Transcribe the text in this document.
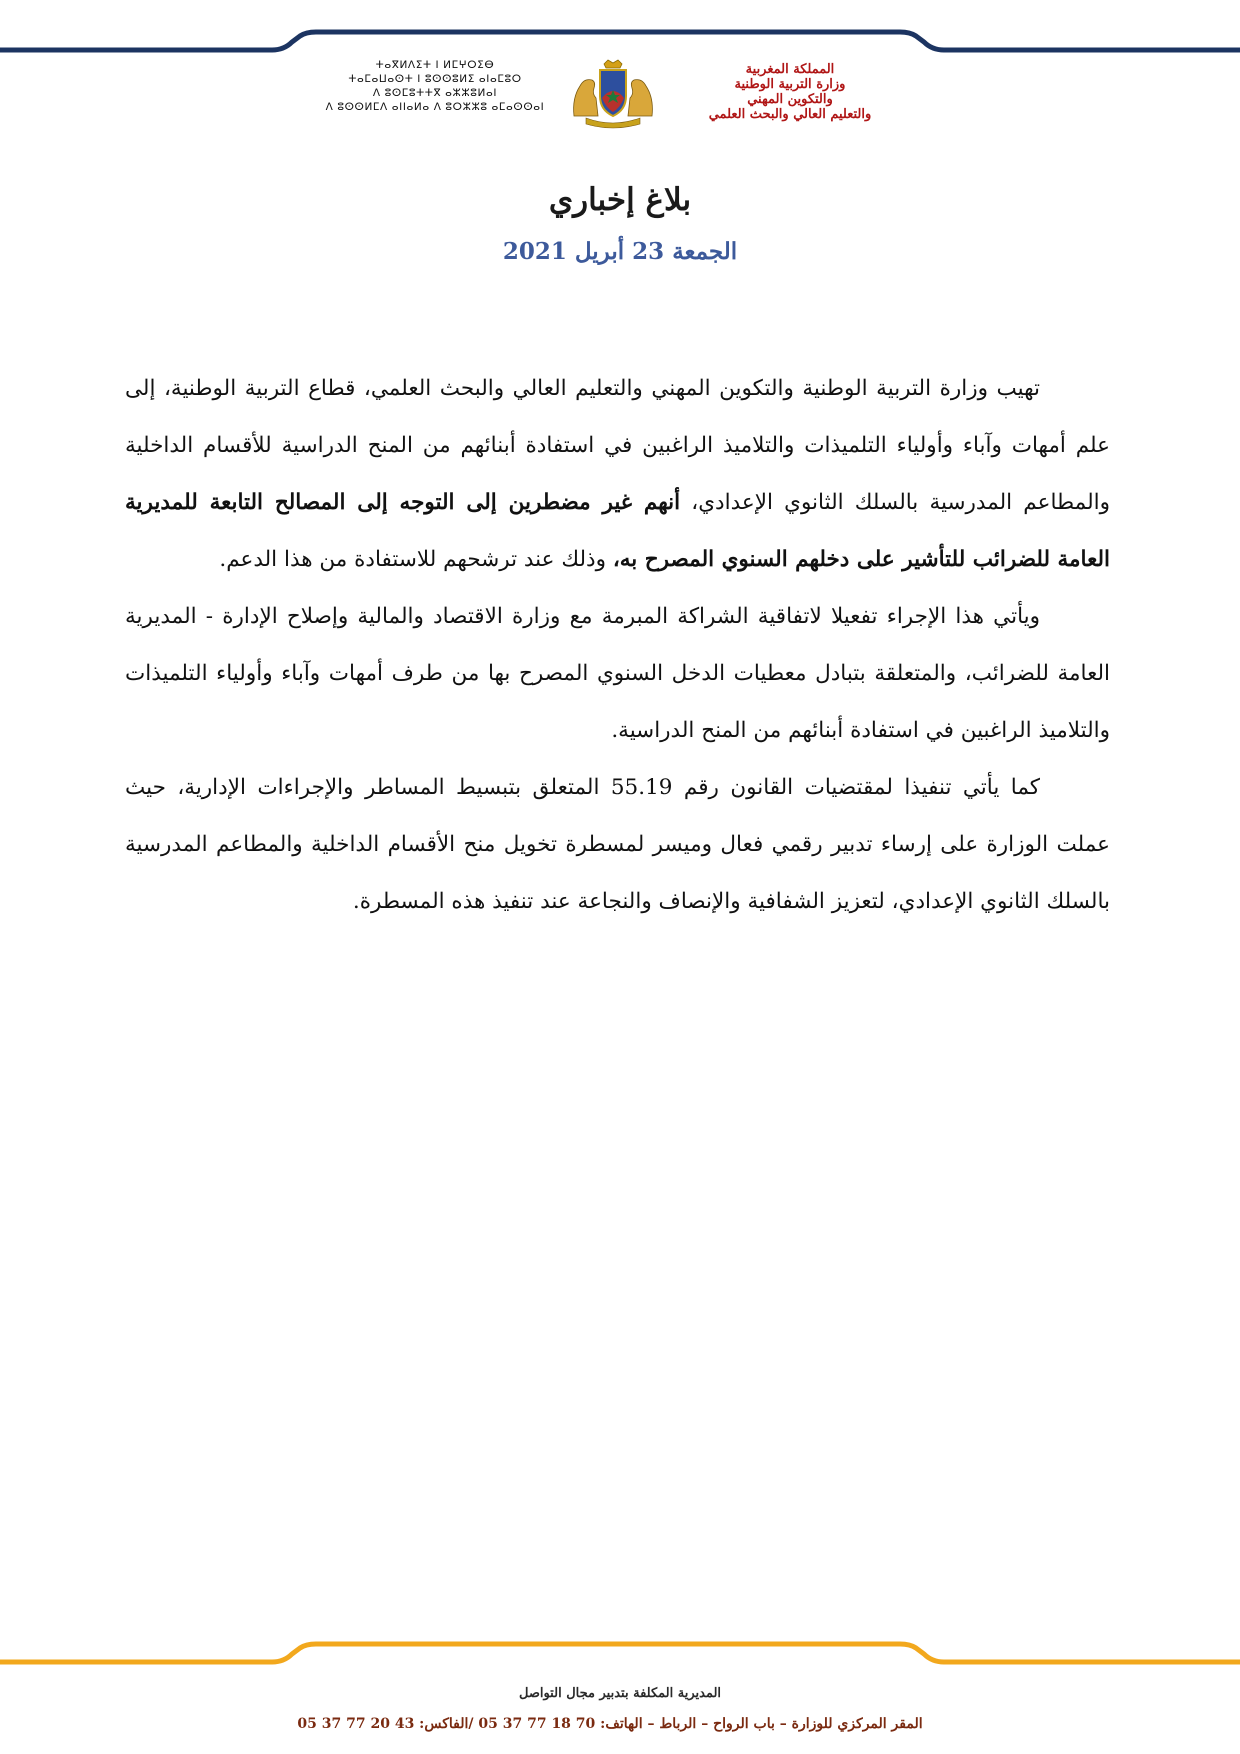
ⵜⴰⴳⵍⴷⵉⵜ ⵏ ⵍⵎⵖⵔⵉⴱ
ⵜⴰⵎⴰⵡⴰⵙⵜ ⵏ ⵓⵙⵙⵓⵍⵉ ⴰⵏⴰⵎⵓⵔ
ⴷ ⵓⵙⵎⵓⵜⵜⴳ ⴰⵣⵣⵓⵍⴰⵏ
ⴷ ⵓⵙⵙⵍⵎⴷ ⴰⵏⵏⴰⵍⴰ ⴷ ⵓⵔⵣⵣⵓ ⴰⵎⴰⵙⵙⴰⵏ
المملكة المغربية
وزارة التربية الوطنية
والتكوين المهني
والتعليم العالي والبحث العلمي
بلاغ إخباري
الجمعة 23 أبريل 2021

تهيب وزارة التربية الوطنية والتكوين المهني والتعليم العالي والبحث العلمي، قطاع التربية الوطنية، إلى علم أمهات وآباء وأولياء التلميذات والتلاميذ الراغبين في استفادة أبنائهم من المنح الدراسية للأقسام الداخلية والمطاعم المدرسية بالسلك الثانوي الإعدادي، أنهم غير مضطرين إلى التوجه إلى المصالح التابعة للمديرية العامة للضرائب للتأشير على دخلهم السنوي المصرح به، وذلك عند ترشحهم للاستفادة من هذا الدعم.

ويأتي هذا الإجراء تفعيلا لاتفاقية الشراكة المبرمة مع وزارة الاقتصاد والمالية وإصلاح الإدارة - المديرية العامة للضرائب، والمتعلقة بتبادل معطيات الدخل السنوي المصرح بها من طرف أمهات وآباء وأولياء التلميذات والتلاميذ الراغبين في استفادة أبنائهم من المنح الدراسية.

كما يأتي تنفيذا لمقتضيات القانون رقم 55.19 المتعلق بتبسيط المساطر والإجراءات الإدارية، حيث عملت الوزارة على إرساء تدبير رقمي فعال وميسر لمسطرة تخويل منح الأقسام الداخلية والمطاعم المدرسية بالسلك الثانوي الإعدادي، لتعزيز الشفافية والإنصاف والنجاعة عند تنفيذ هذه المسطرة.

المديرية المكلفة بتدبير مجال التواصل
المقر المركزي للوزارة – باب الرواح – الرباط – الهاتف: 70 18 77 37 05 /الفاكس: 43 20 77 37 05
